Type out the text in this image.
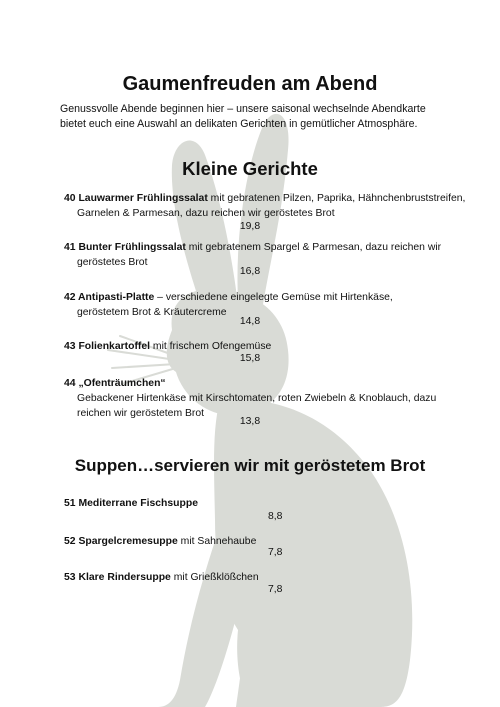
Gaumenfreuden am Abend
Genussvolle Abende beginnen hier – unsere saisonal wechselnde Abendkarte
bietet euch eine Auswahl an delikaten Gerichten in gemütlicher Atmosphäre.
Kleine Gerichte
40 Lauwarmer Frühlingssalat mit gebratenen Pilzen, Paprika, Hähnchenbruststreifen,
Garnelen & Parmesan, dazu reichen wir geröstetes Brot
19,8
41 Bunter Frühlingssalat mit gebratenem Spargel & Parmesan, dazu reichen wir
geröstetes Brot
16,8
42 Antipasti-Platte – verschiedene eingelegte Gemüse mit Hirtenkäse,
geröstetem Brot & Kräutercreme
14,8
43 Folienkartoffel mit frischem Ofengemüse
15,8
44 „Ofenträumchen“
Gebackener Hirtenkäse mit Kirschtomaten, roten Zwiebeln & Knoblauch, dazu
reichen wir geröstetem Brot
13,8
Suppen…servieren wir mit geröstetem Brot
51 Mediterrane Fischsuppe
8,8
52 Spargelcremesuppe mit Sahnehaube
7,8
53 Klare Rindersuppe mit Grießklößchen
7,8
